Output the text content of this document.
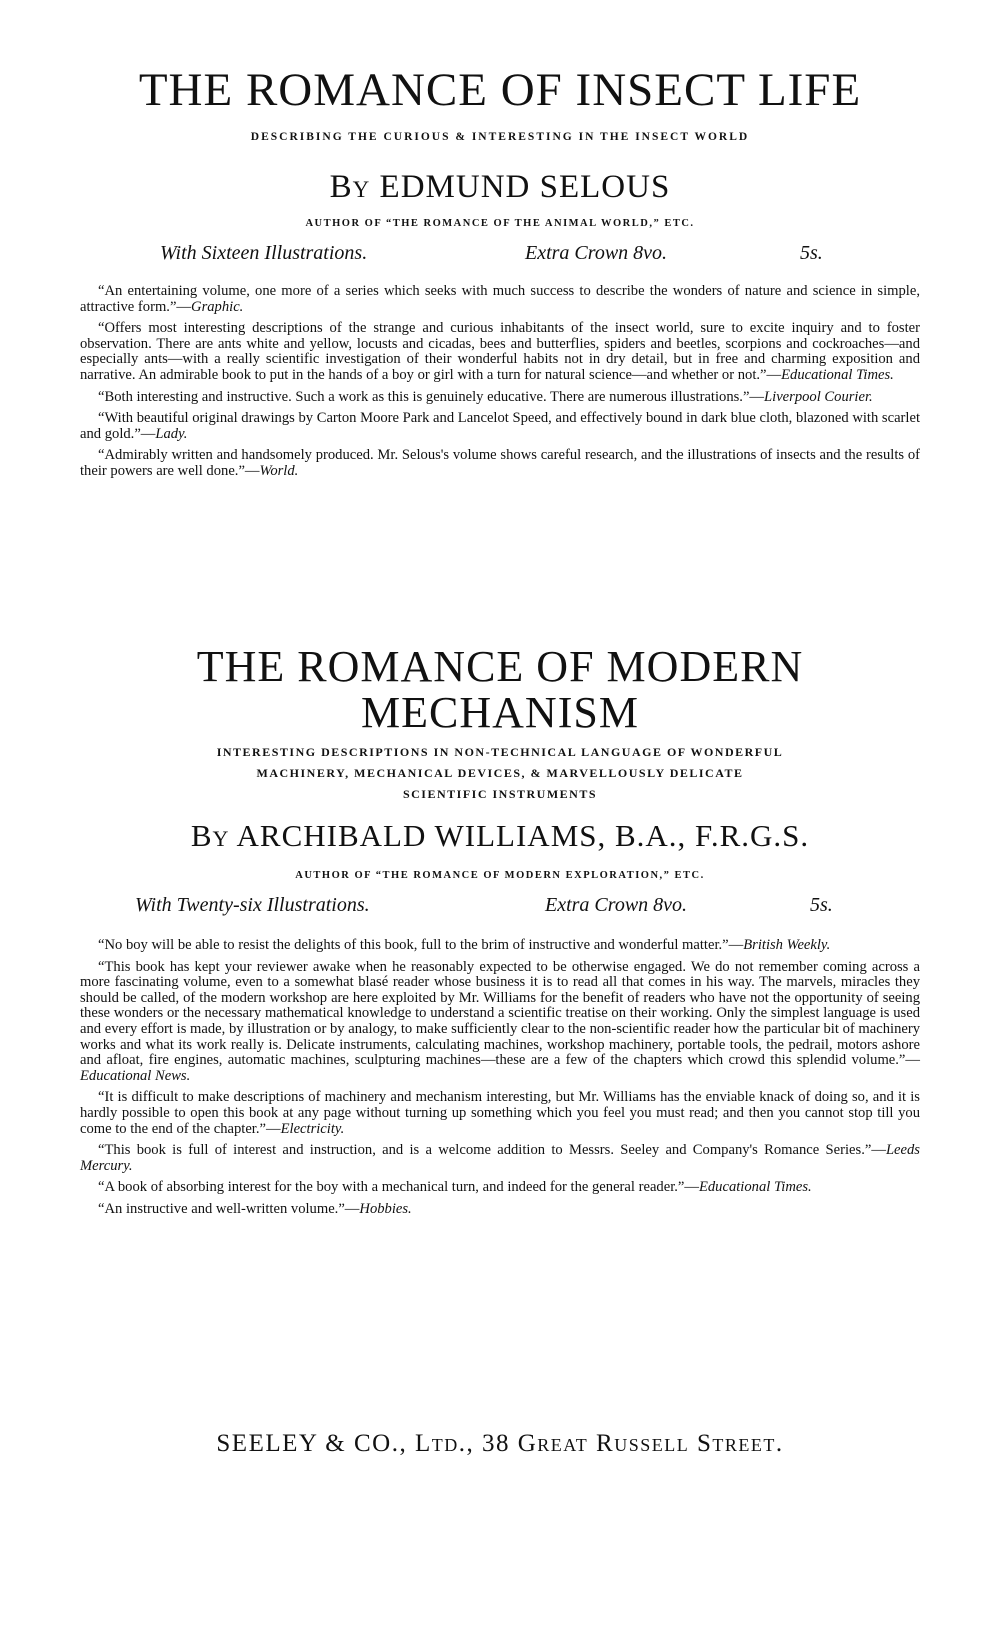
THE ROMANCE OF INSECT LIFE
DESCRIBING THE CURIOUS & INTERESTING IN THE INSECT WORLD
By EDMUND SELOUS
AUTHOR OF “THE ROMANCE OF THE ANIMAL WORLD,” ETC.
With Sixteen Illustrations.	Extra Crown 8vo.	5s.

“An entertaining volume, one more of a series which seeks with much success to describe the wonders of nature and science in simple, attractive form.”—Graphic.

“Offers most interesting descriptions of the strange and curious inhabitants of the insect world, sure to excite inquiry and to foster observation. There are ants white and yellow, locusts and cicadas, bees and butterflies, spiders and beetles, scorpions and cockroaches—and especially ants—with a really scientific investigation of their wonderful habits not in dry detail, but in free and charming exposition and narrative. An admirable book to put in the hands of a boy or girl with a turn for natural science—and whether or not.”—Educational Times.

“Both interesting and instructive. Such a work as this is genuinely educative. There are numerous illustrations.”—Liverpool Courier.

“With beautiful original drawings by Carton Moore Park and Lancelot Speed, and effectively bound in dark blue cloth, blazoned with scarlet and gold.”—Lady.

“Admirably written and handsomely produced. Mr. Selous's volume shows careful research, and the illustrations of insects and the results of their powers are well done.”—World.

THE ROMANCE OF MODERN
MECHANISM
INTERESTING DESCRIPTIONS IN NON-TECHNICAL LANGUAGE OF WONDERFUL
MACHINERY, MECHANICAL DEVICES, & MARVELLOUSLY DELICATE
SCIENTIFIC INSTRUMENTS
By ARCHIBALD WILLIAMS, B.A., F.R.G.S.
AUTHOR OF “THE ROMANCE OF MODERN EXPLORATION,” ETC.
With Twenty-six Illustrations.	Extra Crown 8vo.	5s.

“No boy will be able to resist the delights of this book, full to the brim of instructive and wonderful matter.”—British Weekly.

“This book has kept your reviewer awake when he reasonably expected to be otherwise engaged. We do not remember coming across a more fascinating volume, even to a somewhat blasé reader whose business it is to read all that comes in his way. The marvels, miracles they should be called, of the modern workshop are here exploited by Mr. Williams for the benefit of readers who have not the opportunity of seeing these wonders or the necessary mathematical knowledge to understand a scientific treatise on their working. Only the simplest language is used and every effort is made, by illustration or by analogy, to make sufficiently clear to the non-scientific reader how the particular bit of machinery works and what its work really is. Delicate instruments, calculating machines, workshop machinery, portable tools, the pedrail, motors ashore and afloat, fire engines, automatic machines, sculpturing machines—these are a few of the chapters which crowd this splendid volume.”—Educational News.

“It is difficult to make descriptions of machinery and mechanism interesting, but Mr. Williams has the enviable knack of doing so, and it is hardly possible to open this book at any page without turning up something which you feel you must read; and then you cannot stop till you come to the end of the chapter.”—Electricity.

“This book is full of interest and instruction, and is a welcome addition to Messrs. Seeley and Company's Romance Series.”—Leeds Mercury.

“A book of absorbing interest for the boy with a mechanical turn, and indeed for the general reader.”—Educational Times.

“An instructive and well-written volume.”—Hobbies.

SEELEY & CO., Ltd., 38 Great Russell Street.
